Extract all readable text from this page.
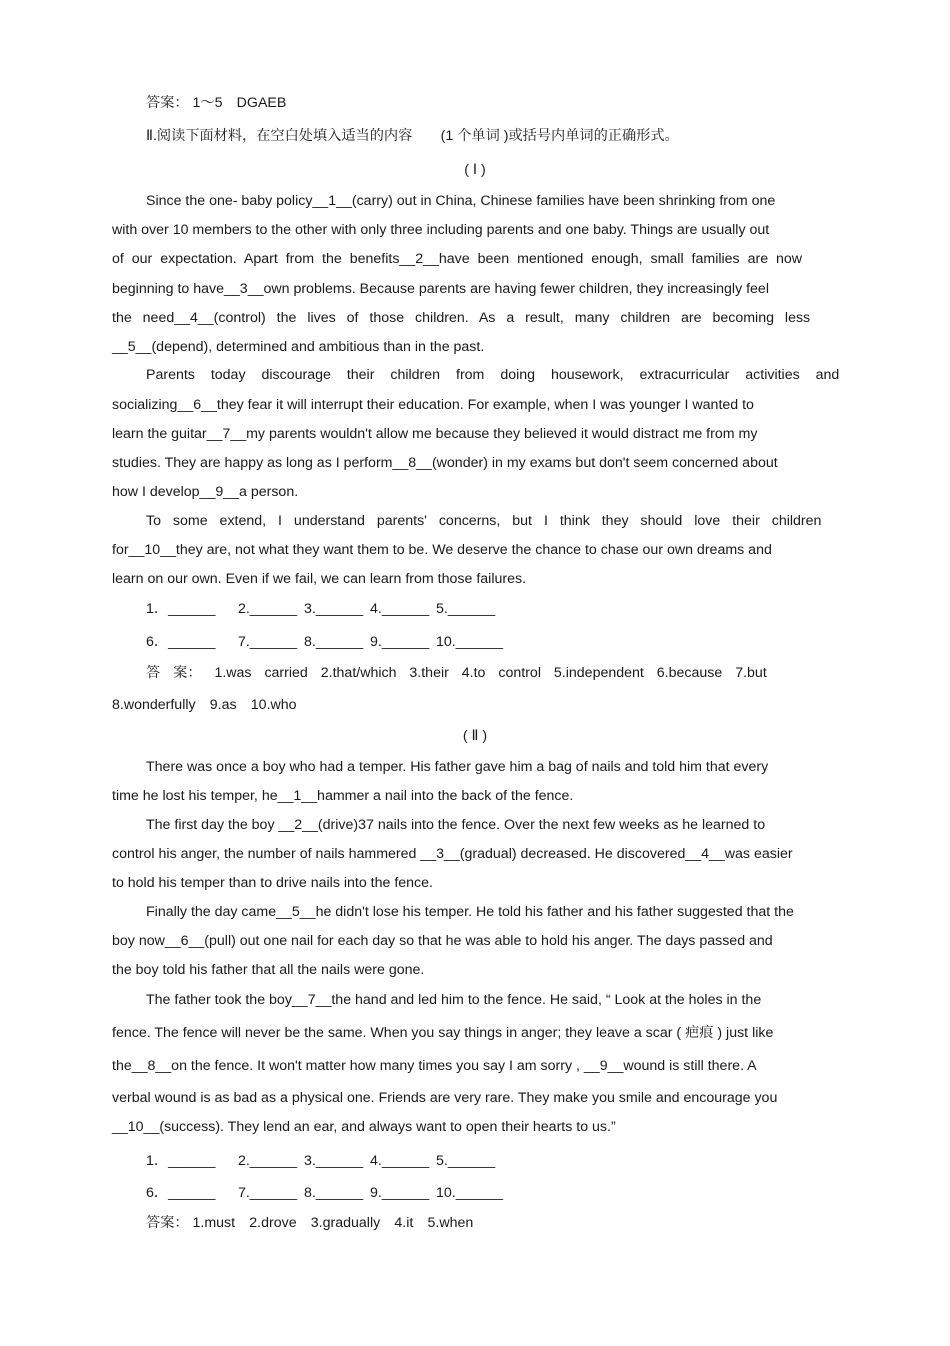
答案： 1～5　DGAEB
Ⅱ.阅读下面材料，在空白处填入适当的内容　　(1 个单词 )或括号内单词的正确形式。
( Ⅰ )
Since the one- baby policy__1__(carry) out in China, Chinese families have been shrinking from one
with over 10 members to the other with only three including parents and one baby. Things are usually out
of our expectation. Apart from the benefits__2__have been mentioned enough, small families are now
beginning to have__3__own problems. Because parents are having fewer children, they increasingly feel
the need__4__(control) the lives of those children. As a result, many children are becoming less
__5__(depend), determined and ambitious than in the past.
Parents today discourage their children from doing housework, extracurricular activities and
socializing__6__they fear it will interrupt their education. For example, when I was younger I wanted to
learn the guitar__7__my parents wouldn't allow me because they believed it would distract me from my
studies. They are happy as long as I perform__8__(wonder) in my exams but don't seem concerned about
how I develop__9__a person.
To some extend, I understand parents' concerns, but I think they should love their children
for__10__they are, not what they want them to be. We deserve the chance to chase our own dreams and
learn on our own. Even if we fail, we can learn from those failures.
1．______ 2.______ 3.______ 4.______ 5.______
6．______ 7.______ 8.______ 9.______ 10.______
答 案： 1.was carried 2.that/which 3.their 4.to control 5.independent 6.because 7.but
8.wonderfully　9.as　10.who
( Ⅱ )
There was once a boy who had a temper. His father gave him a bag of nails and told him that every
time he lost his temper, he__1__hammer a nail into the back of the fence.
The first day the boy __2__(drive)37 nails into the fence. Over the next few weeks as he learned to
control his anger, the number of nails hammered __3__(gradual) decreased. He discovered__4__was easier
to hold his temper than to drive nails into the fence.
Finally the day came__5__he didn't lose his temper. He told his father and his father suggested that the
boy now__6__(pull) out one nail for each day so that he was able to hold his anger. The days passed and
the boy told his father that all the nails were gone.
The father took the boy__7__the hand and led him to the fence. He said, “ Look at the holes in the
fence. The fence will never be the same. When you say things in anger; they leave a scar ( 疤痕 ) just like
the__8__on the fence. It won't matter how many times you say I am sorry , __9__wound is still there. A
verbal wound is as bad as a physical one. Friends are very rare. They make you smile and encourage you
__10__(success). They lend an ear, and always want to open their hearts to us.”
1．______ 2.______ 3.______ 4.______ 5.______
6．______ 7.______ 8.______ 9.______ 10.______
答案： 1.must　2.drove　3.gradually　4.it　5.when
